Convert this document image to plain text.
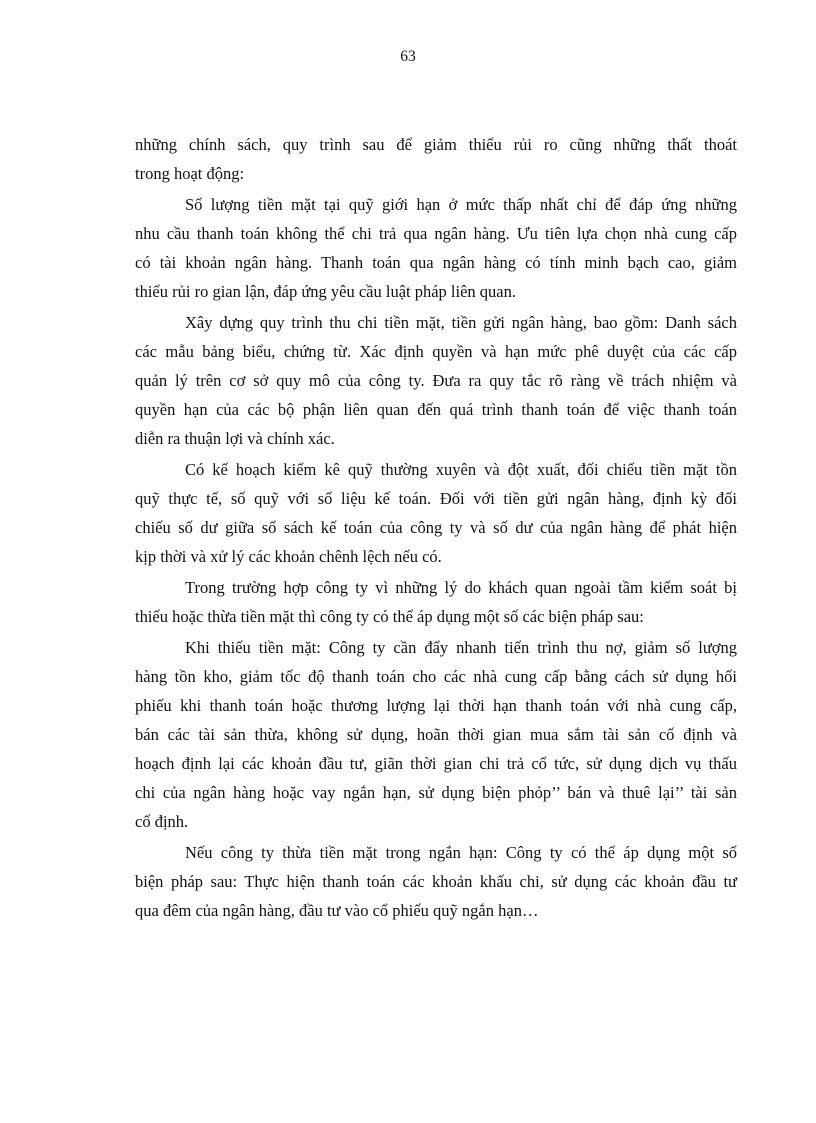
63
những chính sách, quy trình sau để giảm thiểu rủi ro cũng những thất thoát
trong hoạt động:
Số lượng tiền mặt tại quỹ giới hạn ở mức thấp nhất chỉ để đáp ứng những
nhu cầu thanh toán không thể chi trả qua ngân hàng. Ưu tiên lựa chọn nhà cung cấp
có tài khoản ngân hàng. Thanh toán qua ngân hàng có tính minh bạch cao, giảm
thiểu rủi ro gian lận, đáp ứng yêu cầu luật pháp liên quan.
Xây dựng quy trình thu chi tiền mặt, tiền gửi ngân hàng, bao gồm: Danh sách
các mẫu bảng biểu, chứng từ. Xác định quyền và hạn mức phê duyệt của các cấp
quản lý trên cơ sở quy mô của công ty. Đưa ra quy tắc rõ ràng về trách nhiệm và
quyền hạn của các bộ phận liên quan đến quá trình thanh toán để việc thanh toán
diễn ra thuận lợi và chính xác.
Có kế hoạch kiểm kê quỹ thường xuyên và đột xuất, đối chiếu tiền mặt tồn
quỹ thực tế, số quỹ với số liệu kế toán. Đối với tiền gửi ngân hàng, định kỳ đối
chiếu số dư giữa sổ sách kế toán của công ty và số dư của ngân hàng để phát hiện
kịp thời và xử lý các khoản chênh lệch nếu có.
Trong trường hợp công ty vì những lý do khách quan ngoài tầm kiểm soát bị
thiếu hoặc thừa tiền mặt thì công ty có thể áp dụng một số các biện pháp sau:
Khi thiếu tiền mặt: Công ty cần đẩy nhanh tiến trình thu nợ, giảm số lượng
hàng tồn kho, giảm tốc độ thanh toán cho các nhà cung cấp bằng cách sử dụng hối
phiếu khi thanh toán hoặc thương lượng lại thời hạn thanh toán với nhà cung cấp,
bán các tài sản thừa, không sử dụng, hoãn thời gian mua sắm tài sản cố định và
hoạch định lại các khoản đầu tư, giãn thời gian chi trả cổ tức, sử dụng dịch vụ thấu
chi của ngân hàng hoặc vay ngắn hạn, sử dụng biện phỏp’’ bán và thuê lại’’ tài sản
cố định.
Nếu công ty thừa tiền mặt trong ngắn hạn: Công ty có thể áp dụng một số
biện pháp sau: Thực hiện thanh toán các khoản khấu chi, sử dụng các khoản đầu tư
qua đêm của ngân hàng, đầu tư vào cổ phiếu quỹ ngắn hạn…
